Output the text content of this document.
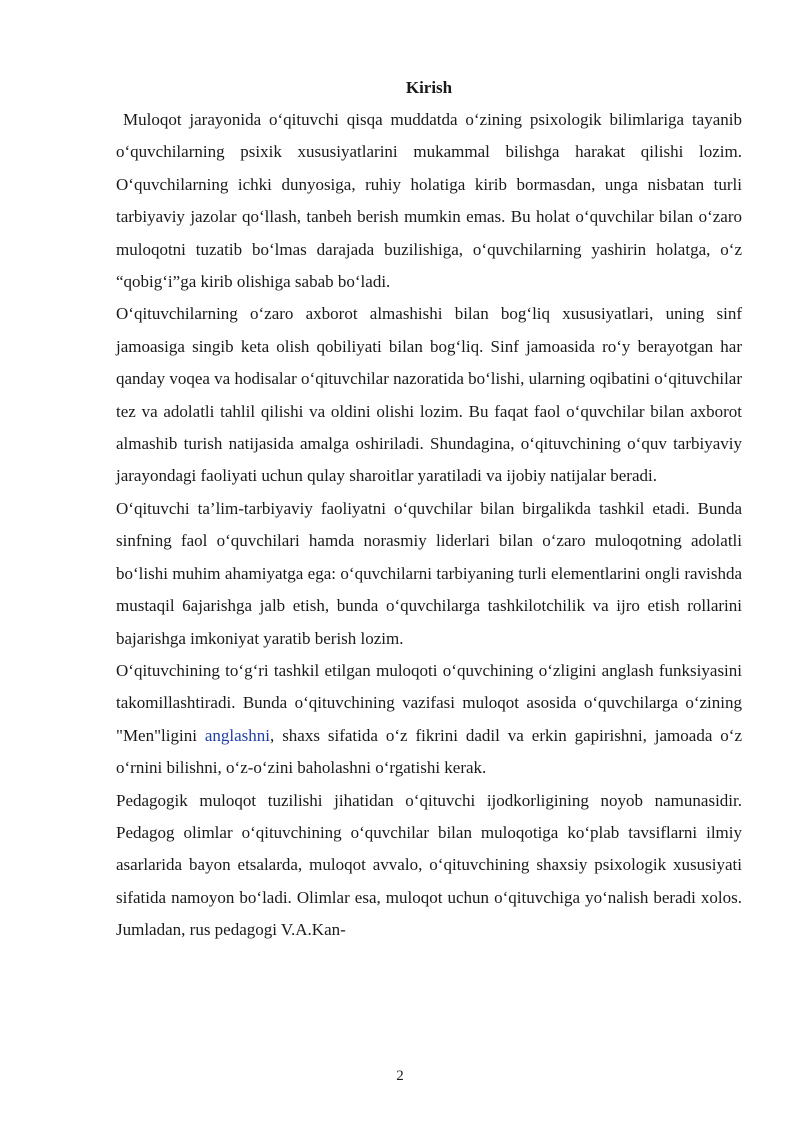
Kirish

Muloqot jarayonida o‘qituvchi qisqa muddatda o‘zining psixologik bilimlariga tayanib o‘quvchilarning psixik xususiyatlarini mukammal bilishga harakat qilishi lozim. O‘quvchilarning ichki dunyosiga, ruhiy holatiga kirib bormasdan, unga nisbatan turli tarbiyaviy jazolar qo‘llash, tanbeh berish mumkin emas. Bu holat o‘quvchilar bilan o‘zaro muloqotni tuzatib bo‘lmas darajada buzilishiga, o‘quvchilarning yashirin holatga, o‘z “qobig‘i”ga kirib olishiga sabab bo‘ladi.

O‘qituvchilarning o‘zaro axborot almashishi bilan bog‘liq xususiyatlari, uning sinf jamoasiga singib keta olish qobiliyati bilan bog‘liq. Sinf jamoasida ro‘y berayotgan har qanday voqea va hodisalar o‘qituvchilar nazoratida bo‘lishi, ularning oqibatini o‘qituvchilar tez va adolatli tahlil qilishi va oldini olishi lozim. Bu faqat faol o‘quvchilar bilan axborot almashib turish natijasida amalga oshiriladi. Shundagina, o‘qituvchining o‘quv tarbiyaviy jarayondagi faoliyati uchun qulay sharoitlar yaratiladi va ijobiy natijalar beradi.

O‘qituvchi ta’lim-tarbiyaviy faoliyatni o‘quvchilar bilan birgalikda tashkil etadi. Bunda sinfning faol o‘quvchilari hamda norasmiy liderlari bilan o‘zaro muloqotning adolatli bo‘lishi muhim ahamiyatga ega: o‘quvchilarni tarbiyaning turli elementlarini ongli ravishda mustaqil 6ajarishga jalb etish, bunda o‘quvchilarga tashkilotchilik va ijro etish rollarini bajarishga imkoniyat yaratib berish lozim.

O‘qituvchining to‘g‘ri tashkil etilgan muloqoti o‘quvchining o‘zligini anglash funksiyasini takomillashtiradi. Bunda o‘qituvchining vazifasi muloqot asosida o‘quvchilarga o‘zining "Men"ligini anglashni, shaxs sifatida o‘z fikrini dadil va erkin gapirishni, jamoada o‘z o‘rnini bilishni, o‘z-o‘zini baholashni o‘rgatishi kerak.

Pedagogik muloqot tuzilishi jihatidan o‘qituvchi ijodkorligining noyob namunasidir. Pedagog olimlar o‘qituvchining o‘quvchilar bilan muloqotiga ko‘plab tavsiflarni ilmiy asarlarida bayon etsalarda, muloqot avvalo, o‘qituvchining shaxsiy psixologik xususiyati sifatida namoyon bo‘ladi. Olimlar esa, muloqot uchun o‘qituvchiga yo‘nalish beradi xolos. Jumladan, rus pedagogi V.A.Kan-

2
